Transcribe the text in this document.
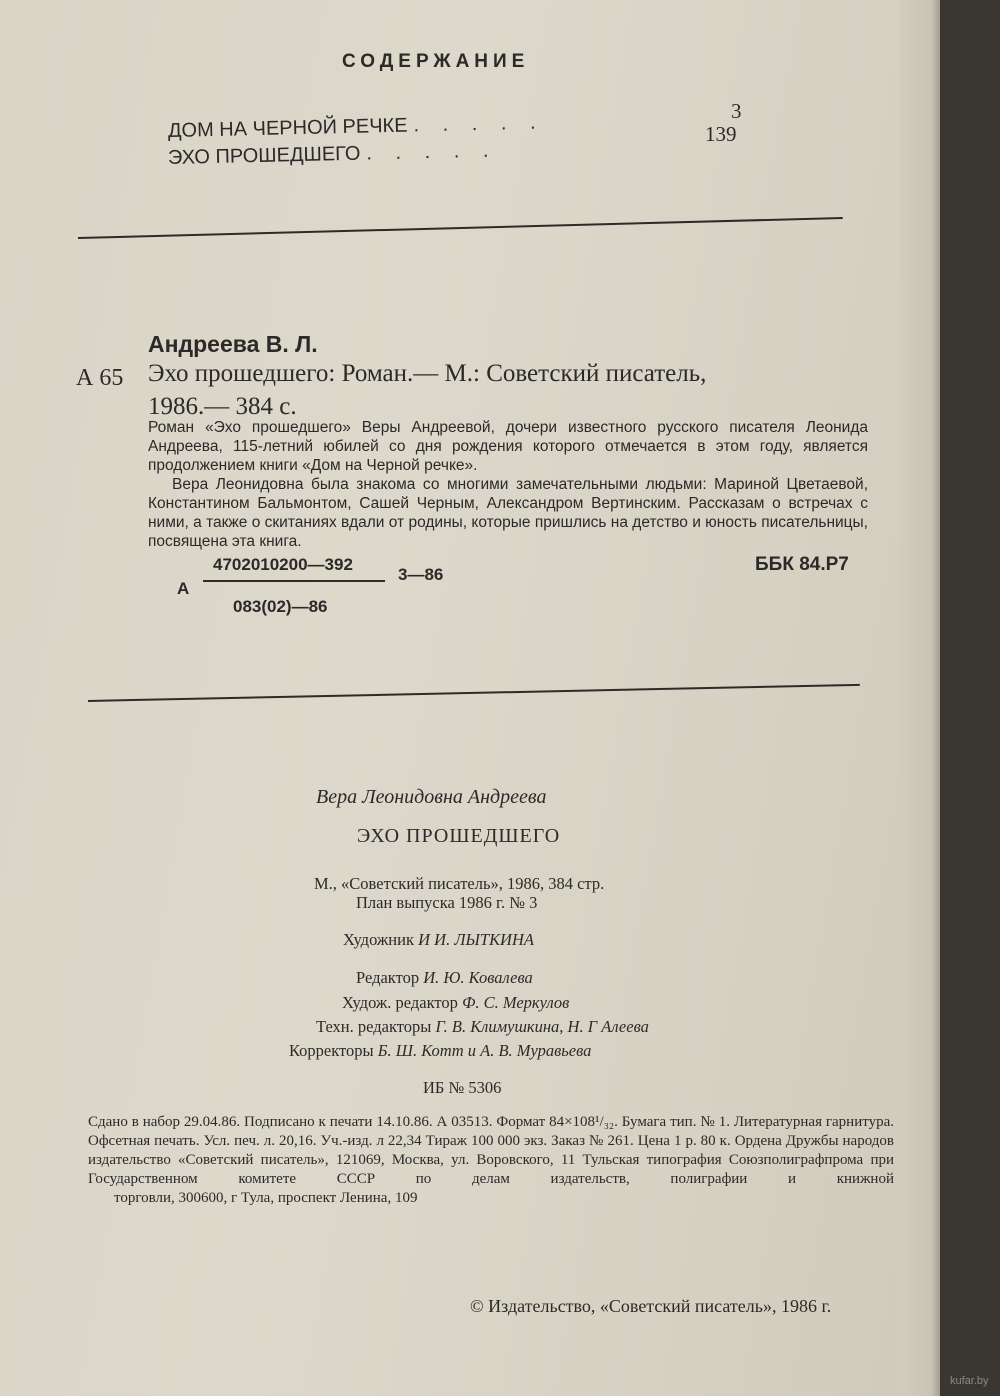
СОДЕРЖАНИЕ
ДОМ НА ЧЕРНОЙ РЕЧКЕ . . . . .
3
ЭХО ПРОШЕДШЕГО . . . . .
139
Андреева В. Л.
А 65 Эхо прошедшего: Роман.— М.: Советский писатель,
1986.— 384 с.

Роман «Эхо прошедшего» Веры Андреевой, дочери известного русского писателя Леонида Андреева, 115-летний юбилей со дня рождения которого отмечается в этом году, является продолжением книги «Дом на Черной речке».

Вера Леонидовна была знакома со многими замечательными людьми: Мариной Цветаевой, Константином Бальмонтом, Сашей Черным, Александром Вертинским. Рассказам о встречах с ними, а также о скитаниях вдали от родины, которые пришлись на детство и юность писательницы, посвящена эта книга.

А
4702010200—392
083(02)—86
3—86	ББК 84.Р7
Вера Леонидовна Андреева
ЭХО ПРОШЕДШЕГО
М., «Советский писатель», 1986, 384 стр.
План выпуска 1986 г. № 3
Художник И И. ЛЫТКИНА
Редактор И. Ю. Ковалева
Худож. редактор Ф. С. Меркулов
Техн. редакторы Г. В. Климушкина, Н. Г Алеева
Корректоры Б. Ш. Котт и А. В. Муравьева
ИБ № 5306
Сдано в набор 29.04.86. Подписано к печати 14.10.86. А 03513. Формат 84×108¹/₃₂. Бумага тип. № 1. Литературная гарнитура. Офсетная печать. Усл. печ. л. 20,16. Уч.-изд. л 22,34 Тираж 100 000 экз. Заказ № 261. Цена 1 р. 80 к. Ордена Дружбы народов издательство «Советский писатель», 121069, Москва, ул. Воровского, 11 Тульская типография Союзполиграфпрома при Государственном комитете СССР по делам издательств, полиграфии и книжной
торговли, 300600, г Тула, проспект Ленина, 109
© Издательство, «Советский писатель», 1986 г.
kufar.by
